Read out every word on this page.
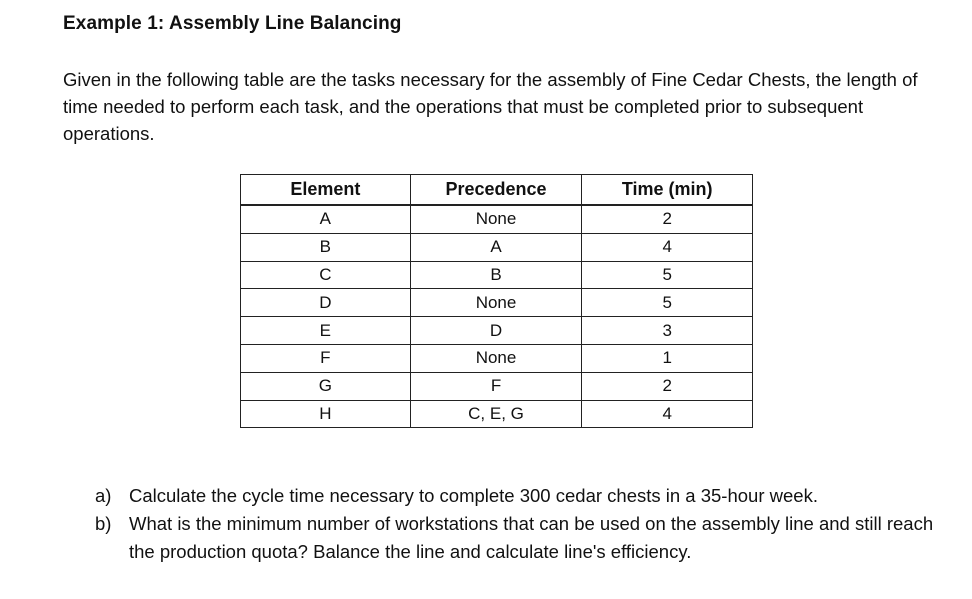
Example 1: Assembly Line Balancing
Given in the following table are the tasks necessary for the assembly of Fine Cedar Chests, the length of time needed to perform each task, and the operations that must be completed prior to subsequent operations.
Element	Precedence	Time (min)
A	None	2
B	A	4
C	B	5
D	None	5
E	D	3
F	None	1
G	F	2
H	C, E, G	4
a) Calculate the cycle time necessary to complete 300 cedar chests in a 35-hour week.
b) What is the minimum number of workstations that can be used on the assembly line and still reach the production quota? Balance the line and calculate line's efficiency.
